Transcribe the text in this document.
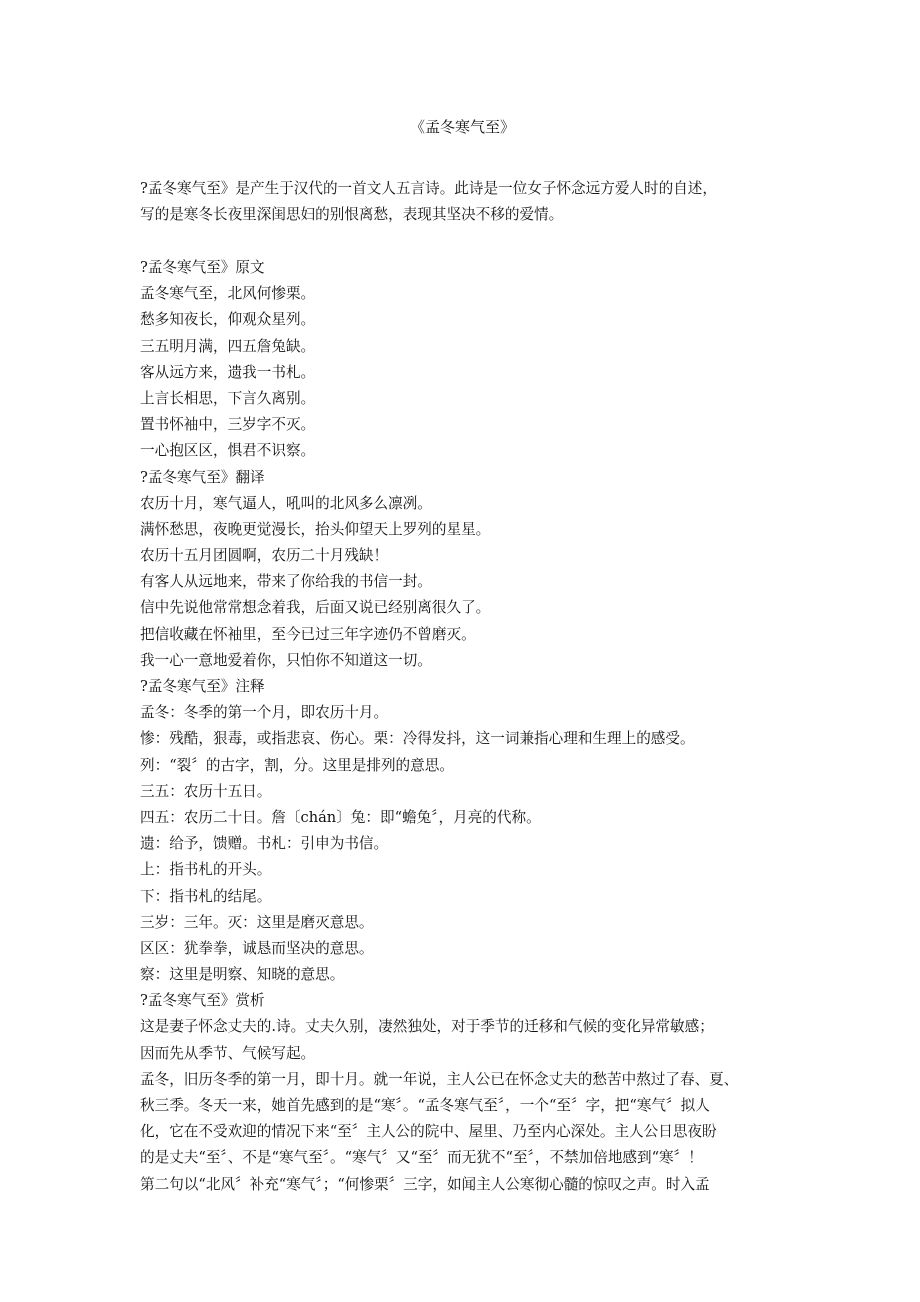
《孟冬寒气至》
?孟冬寒气至》是产生于汉代的一首文人五言诗。此诗是一位女子怀念远方爱人时的自述，
写的是寒冬长夜里深闺思妇的别恨离愁，表现其坚决不移的爱情。
?孟冬寒气至》原文
孟冬寒气至，北风何惨栗。
愁多知夜长，仰观众星列。
三五明月满，四五詹兔缺。
客从远方来，遗我一书札。
上言长相思，下言久离别。
置书怀袖中，三岁字不灭。
一心抱区区，惧君不识察。
?孟冬寒气至》翻译
农历十月，寒气逼人，吼叫的北风多么凛冽。
满怀愁思，夜晚更觉漫长，抬头仰望天上罗列的星星。
农历十五月团圆啊，农历二十月残缺！
有客人从远地来，带来了你给我的书信一封。
信中先说他常常想念着我，后面又说已经别离很久了。
把信收藏在怀袖里，至今已过三年字迹仍不曾磨灭。
我一心一意地爱着你，只怕你不知道这一切。
?孟冬寒气至》注释
孟冬：冬季的第一个月，即农历十月。
惨：残酷，狠毒，或指悲哀、伤心。栗：冷得发抖，这一词兼指心理和生理上的感受。
列：“裂〞的古字，割，分。这里是排列的意思。
三五：农历十五日。
四五：农历二十日。詹〔chán〕兔：即“蟾兔〞，月亮的代称。
遗：给予，馈赠。书札：引申为书信。
上：指书札的开头。
下：指书札的结尾。
三岁：三年。灭：这里是磨灭意思。
区区：犹拳拳，诚恳而坚决的意思。
察：这里是明察、知晓的意思。
?孟冬寒气至》赏析
这是妻子怀念丈夫的.诗。丈夫久别，凄然独处，对于季节的迁移和气候的变化异常敏感；
因而先从季节、气候写起。
孟冬，旧历冬季的第一月，即十月。就一年说，主人公已在怀念丈夫的愁苦中熬过了春、夏、
秋三季。冬天一来，她首先感到的是“寒〞。“孟冬寒气至〞，一个“至〞字，把“寒气〞拟人
化，它在不受欢迎的情况下来“至〞主人公的院中、屋里、乃至内心深处。主人公日思夜盼
的是丈夫“至〞、不是“寒气至〞。“寒气〞又“至〞而无犹不“至〞，不禁加倍地感到“寒〞！
第二句以“北风〞补充“寒气〞；“何惨栗〞三字，如闻主人公寒彻心髓的惊叹之声。时入孟
